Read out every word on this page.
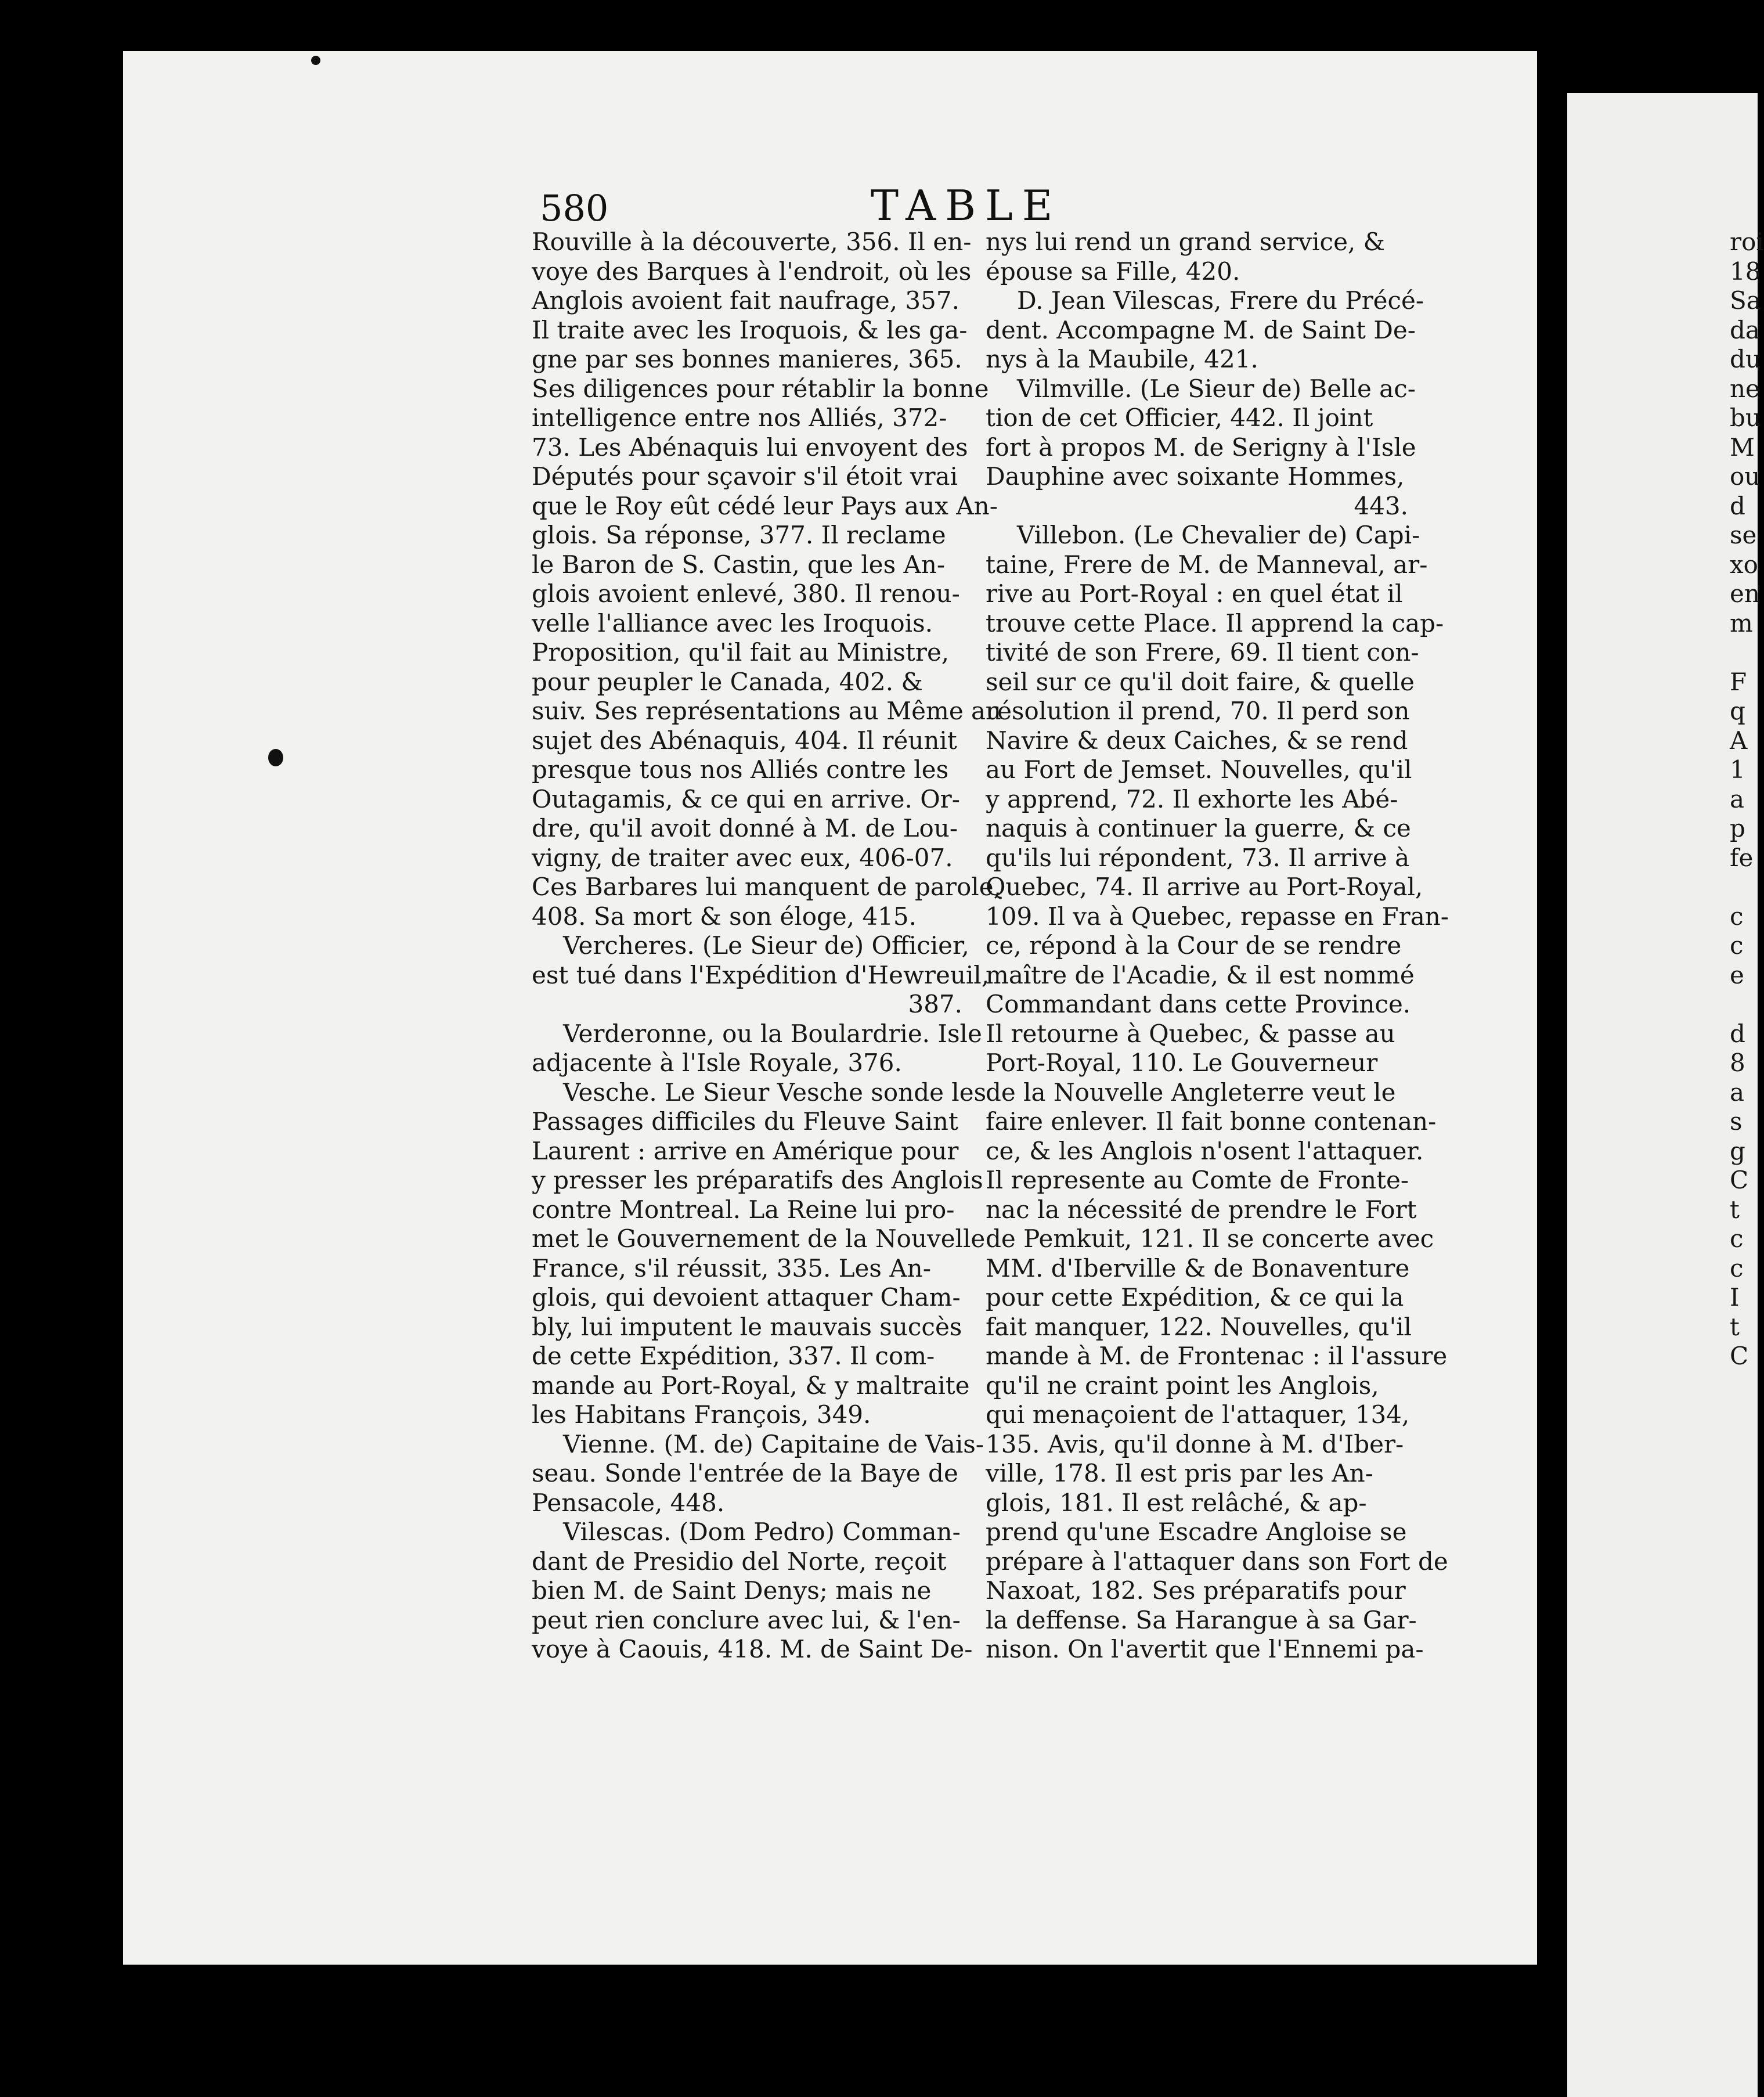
580	TABLE
Rouville à la découverte, 356. Il en-
voye des Barques à l'endroit, où les
Anglois avoient fait naufrage, 357.
Il traite avec les Iroquois, & les ga-
gne par ses bonnes manieres, 365.
Ses diligences pour rétablir la bonne
intelligence entre nos Alliés, 372-
73. Les Abénaquis lui envoyent des
Députés pour sçavoir s'il étoit vrai
que le Roy eût cédé leur Pays aux An-
glois. Sa réponse, 377. Il reclame
le Baron de S. Castin, que les An-
glois avoient enlevé, 380. Il renou-
velle l'alliance avec les Iroquois.
Proposition, qu'il fait au Ministre,
pour peupler le Canada, 402. &
suiv. Ses représentations au Même au
sujet des Abénaquis, 404. Il réunit
presque tous nos Alliés contre les
Outagamis, & ce qui en arrive. Or-
dre, qu'il avoit donné à M. de Lou-
vigny, de traiter avec eux, 406-07.
Ces Barbares lui manquent de parole,
408. Sa mort & son éloge, 415.
Vercheres. (Le Sieur de) Officier,
est tué dans l'Expédition d'Hewreuil,
387.
Verderonne, ou la Boulardrie. Isle
adjacente à l'Isle Royale, 376.
Vesche. Le Sieur Vesche sonde les
Passages difficiles du Fleuve Saint
Laurent : arrive en Amérique pour
y presser les préparatifs des Anglois
contre Montreal. La Reine lui pro-
met le Gouvernement de la Nouvelle
France, s'il réussit, 335. Les An-
glois, qui devoient attaquer Cham-
bly, lui imputent le mauvais succès
de cette Expédition, 337. Il com-
mande au Port-Royal, & y maltraite
les Habitans François, 349.
Vienne. (M. de) Capitaine de Vais-
seau. Sonde l'entrée de la Baye de
Pensacole, 448.
Vilescas. (Dom Pedro) Comman-
dant de Presidio del Norte, reçoit
bien M. de Saint Denys; mais ne
peut rien conclure avec lui, & l'en-
voye à Caouis, 418. M. de Saint De-
nys lui rend un grand service, &
épouse sa Fille, 420.
D. Jean Vilescas, Frere du Précé-
dent. Accompagne M. de Saint De-
nys à la Maubile, 421.
Vilmville. (Le Sieur de) Belle ac-
tion de cet Officier, 442. Il joint
fort à propos M. de Serigny à l'Isle
Dauphine avec soixante Hommes,
443.
Villebon. (Le Chevalier de) Capi-
taine, Frere de M. de Manneval, ar-
rive au Port-Royal : en quel état il
trouve cette Place. Il apprend la cap-
tivité de son Frere, 69. Il tient con-
seil sur ce qu'il doit faire, & quelle
résolution il prend, 70. Il perd son
Navire & deux Caiches, & se rend
au Fort de Jemset. Nouvelles, qu'il
y apprend, 72. Il exhorte les Abé-
naquis à continuer la guerre, & ce
qu'ils lui répondent, 73. Il arrive à
Quebec, 74. Il arrive au Port-Royal,
109. Il va à Quebec, repasse en Fran-
ce, répond à la Cour de se rendre
maître de l'Acadie, & il est nommé
Commandant dans cette Province.
Il retourne à Quebec, & passe au
Port-Royal, 110. Le Gouverneur
de la Nouvelle Angleterre veut le
faire enlever. Il fait bonne contenan-
ce, & les Anglois n'osent l'attaquer.
Il represente au Comte de Fronte-
nac la nécessité de prendre le Fort
de Pemkuit, 121. Il se concerte avec
MM. d'Iberville & de Bonaventure
pour cette Expédition, & ce qui la
fait manquer, 122. Nouvelles, qu'il
mande à M. de Frontenac : il l'assure
qu'il ne craint point les Anglois,
qui menaçoient de l'attaquer, 134,
135. Avis, qu'il donne à M. d'Iber-
ville, 178. Il est pris par les An-
glois, 181. Il est relâché, & ap-
prend qu'une Escadre Angloise se
prépare à l'attaquer dans son Fort de
Naxoat, 182. Ses préparatifs pour
la deffense. Sa Harangue à sa Gar-
nison. On l'avertit que l'Ennemi pa-
roi
18
Sa
da
du
ne
bu
M
ou
d
se
xo
en
m

F
q
A
1
a
p
fe

c
c
e

d
8
a
s
g
C
t
c
c
I
t
C
